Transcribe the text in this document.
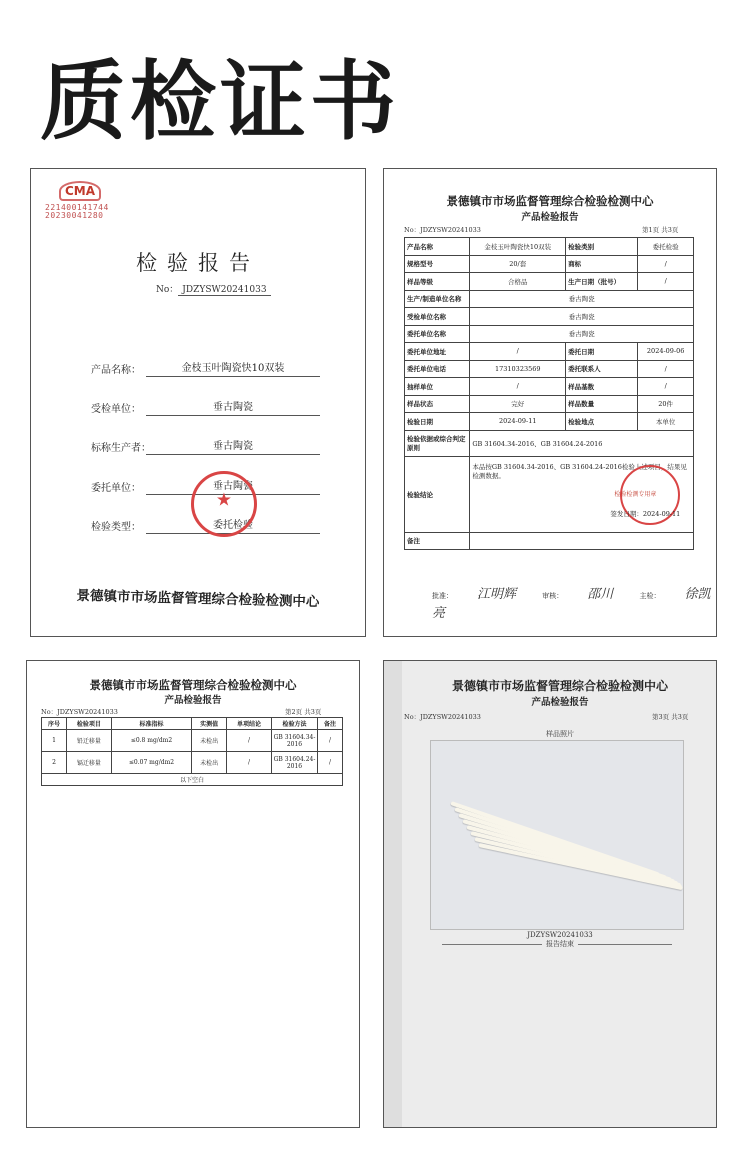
质检证书
CMA
221400141744
20230041280
检验报告
No： JDZYSW20241033
产品名称：	金枝玉叶陶瓷快10双装
受检单位：	垂古陶瓷
标称生产者：	垂古陶瓷
委托单位：	垂古陶瓷
检验类型：	委托检验
★
景德镇市市场监督管理综合检验检测中心
景德镇市市场监督管理综合检验检测中心
产品检验报告
No：JDZYSW20241033	第1页 共3页
产品名称	金枝玉叶陶瓷快10双装	检验类别	委托检验
规格型号	20/套	商标	/
样品等级	合格品	生产日期（批号）	/
生产/制造单位名称	垂古陶瓷		
受检单位名称	垂古陶瓷		
委托单位名称	垂古陶瓷		
委托单位地址	/	委托日期	2024-09-06
委托单位电话	17310323569	委托联系人	/
抽样单位	/	样品基数	/
样品状态	完好	样品数量	20件
检验日期	2024-09-11	检验地点	本单位
检验依据或综合判定原则	GB 31604.34-2016、GB 31604.24-2016		
检验结论	本品按GB 31604.34-2016、GB 31604.24-2016检验上述项目，结果见检测数据。
检验检测专用章
签发日期：2024-09-11		

备注			
批准： 江明辉	审核： 邵川	主检： 徐凯亮
景德镇市市场监督管理综合检验检测中心
产品检验报告
No：JDZYSW20241033	第2页 共3页
序号	检验项目	标准指标	实测值	单项结论	检验方法	备注
1	铅迁移量	≤0.8 mg/dm2	未检出	/	GB 31604.34-2016	/
2	镉迁移量	≤0.07 mg/dm2	未检出	/	GB 31604.24-2016	/
以下空白						
景德镇市市场监督管理综合检验检测中心
产品检验报告
No：JDZYSW20241033	第3页 共3页
样品照片
JDZYSW20241033
报告结束
